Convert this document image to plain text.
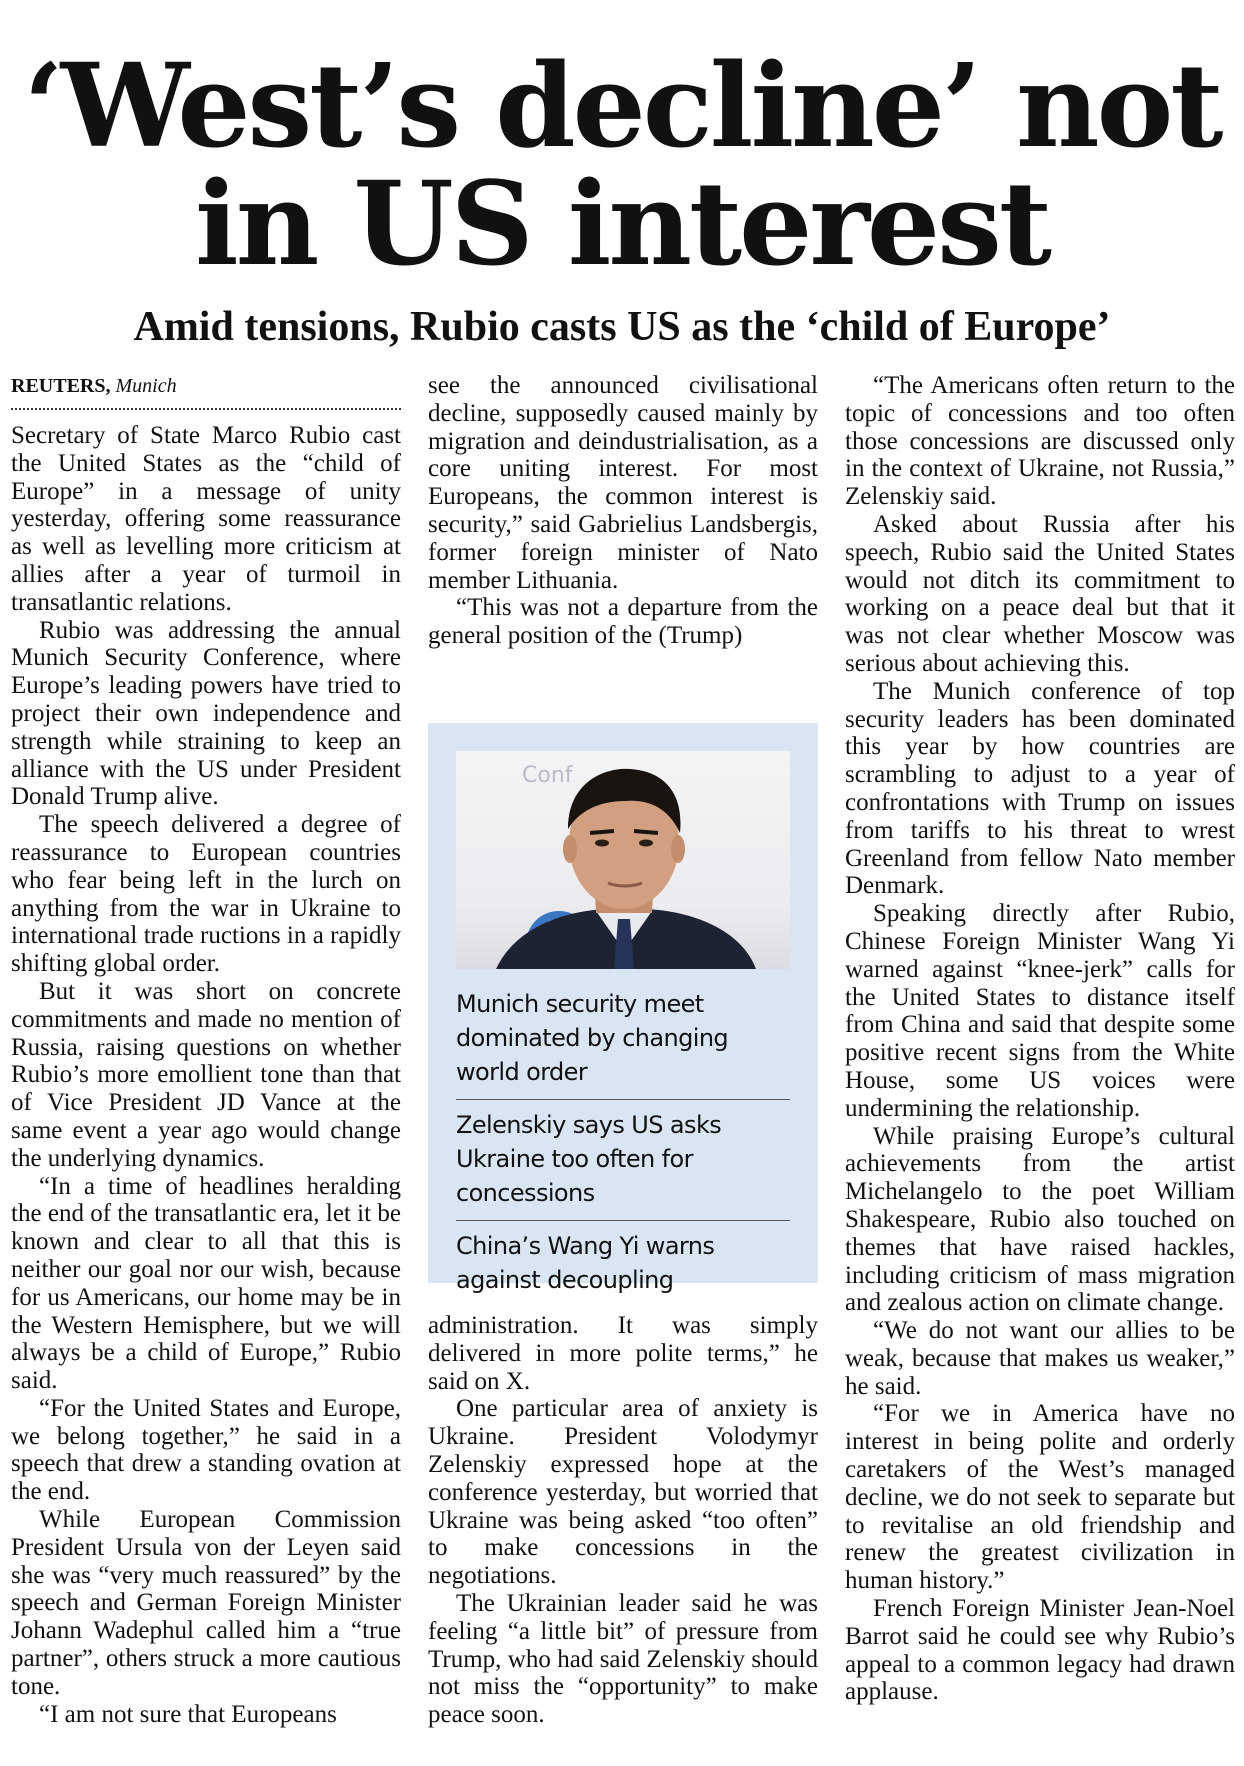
‘West’s decline’ not
in US interest
Amid tensions, Rubio casts US as the ‘child of Europe’
REUTERS, Munich

Secretary of State Marco Rubio cast the United States as the “child of Europe” in a message of unity yesterday, offering some reassurance as well as levelling more criticism at allies after a year of turmoil in transatlantic relations.

Rubio was addressing the annual Munich Security Conference, where Europe’s leading powers have tried to project their own independence and strength while straining to keep an alliance with the US under President Donald Trump alive.

The speech delivered a degree of reassurance to European countries who fear being left in the lurch on anything from the war in Ukraine to international trade ructions in a rapidly shifting global order.

But it was short on concrete commitments and made no mention of Russia, raising questions on whether Rubio’s more emollient tone than that of Vice President JD Vance at the same event a year ago would change the underlying dynamics.

“In a time of headlines heralding the end of the transatlantic era, let it be known and clear to all that this is neither our goal nor our wish, because for us Americans, our home may be in the Western Hemisphere, but we will always be a child of Europe,” Rubio said.

“For the United States and Europe, we belong together,” he said in a speech that drew a standing ovation at the end.

While European Commission President Ursula von der Leyen said she was “very much reassured” by the speech and German Foreign Minister Johann Wadephul called him a “true partner”, others struck a more cautious tone.

“I am not sure that Europeans

see the announced civilisational decline, supposedly caused mainly by migration and deindustrialisation, as a core uniting interest. For most Europeans, the common interest is security,” said Gabrielius Landsbergis, former foreign minister of Nato member Lithuania.

“This was not a departure from the general position of the (Trump)

Conf
Munich security meet dominated by changing world order
Zelenskiy says US asks Ukraine too often for concessions
China’s Wang Yi warns against decoupling

administration. It was simply delivered in more polite terms,” he said on X.

One particular area of anxiety is Ukraine. President Volodymyr Zelenskiy expressed hope at the conference yesterday, but worried that Ukraine was being asked “too often” to make concessions in the negotiations.

The Ukrainian leader said he was feeling “a little bit” of pressure from Trump, who had said Zelenskiy should not miss the “opportunity” to make peace soon.

“The Americans often return to the topic of concessions and too often those concessions are discussed only in the context of Ukraine, not Russia,” Zelenskiy said.

Asked about Russia after his speech, Rubio said the United States would not ditch its commitment to working on a peace deal but that it was not clear whether Moscow was serious about achieving this.

The Munich conference of top security leaders has been dominated this year by how countries are scrambling to adjust to a year of confrontations with Trump on issues from tariffs to his threat to wrest Greenland from fellow Nato member Denmark.

Speaking directly after Rubio, Chinese Foreign Minister Wang Yi warned against “knee-jerk” calls for the United States to distance itself from China and said that despite some positive recent signs from the White House, some US voices were undermining the relationship.

While praising Europe’s cultural achievements from the artist Michelangelo to the poet William Shakespeare, Rubio also touched on themes that have raised hackles, including criticism of mass migration and zealous action on climate change.

“We do not want our allies to be weak, because that makes us weaker,” he said.

“For we in America have no interest in being polite and orderly caretakers of the West’s managed decline, we do not seek to separate but to revitalise an old friendship and renew the greatest civilization in human history.”

French Foreign Minister Jean-Noel Barrot said he could see why Rubio’s appeal to a common legacy had drawn applause.
